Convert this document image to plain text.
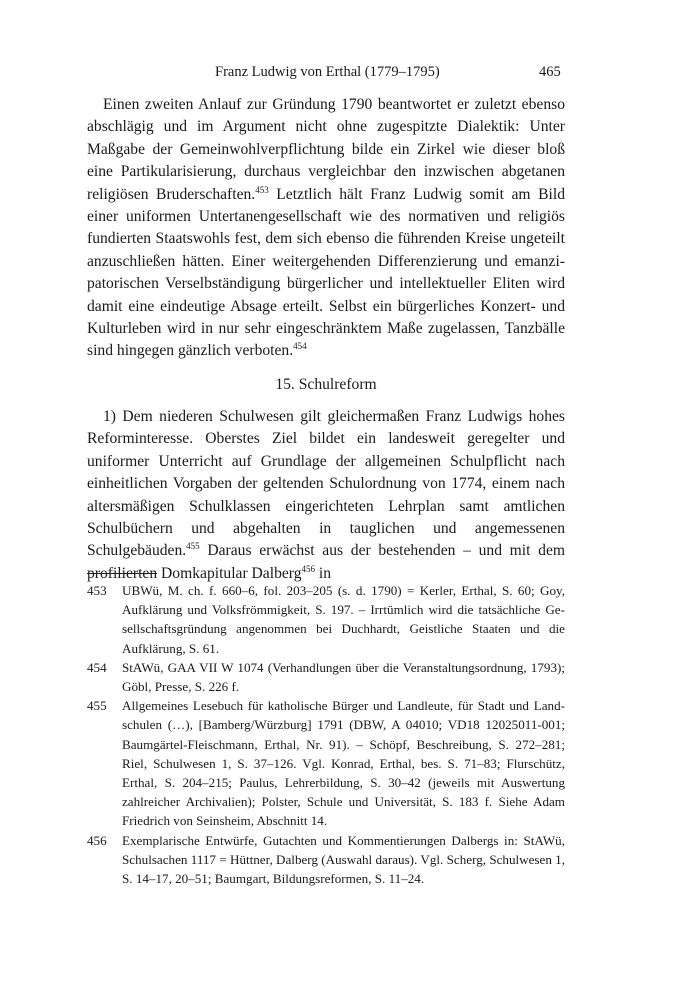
Franz Ludwig von Erthal (1779–1795)	465

Einen zweiten Anlauf zur Gründung 1790 beantwortet er zuletzt ebenso abschlägig und im Argument nicht ohne zugespitzte Dialektik: Unter Maßgabe der Gemeinwohlverpflichtung bilde ein Zirkel wie dieser bloß eine Partikularisierung, durchaus vergleichbar den inzwischen abgetanen religiösen Bruderschaften.$^{453}$ Letztlich hält Franz Ludwig somit am Bild einer uniformen Untertanengesellschaft wie des normativen und religiös fundierten Staatswohls fest, dem sich ebenso die führenden Kreise ungeteilt anzuschließen hätten. Einer weitergehenden Differenzierung und emanzipatorischen Verselbständigung bürgerlicher und intellektueller Eliten wird damit eine eindeutige Absage erteilt. Selbst ein bürgerliches Konzert- und Kulturleben wird in nur sehr eingeschränktem Maße zugelassen, Tanzbälle sind hingegen gänzlich verboten.$^{454}$

15. Schulreform

1) Dem niederen Schulwesen gilt gleichermaßen Franz Ludwigs hohes Reforminteresse. Oberstes Ziel bildet ein landesweit geregelter und uniformer Unterricht auf Grundlage der allgemeinen Schulpflicht nach einheitlichen Vorgaben der geltenden Schulordnung von 1774, einem nach altersmäßigen Schulklassen eingerichteten Lehrplan samt amtlichen Schulbüchern und abgehalten in tauglichen und angemessenen Schulgebäuden.$^{455}$ Daraus erwächst aus der bestehenden – und mit dem profilierten Domkapitular Dalberg$^{456}$ in

453	UBWü, M. ch. f. 660–6, fol. 203–205 (s. d. 1790) = Kerler, Erthal, S. 60; Goy, Aufklärung und Volksfrömmigkeit, S. 197. – Irrtümlich wird die tatsächliche Gesellschaftsgründung angenommen bei Duchhardt, Geistliche Staaten und die Aufklärung, S. 61.
454	StAWü, GAA VII W 1074 (Verhandlungen über die Veranstaltungsordnung, 1793); Göbl, Presse, S. 226 f.
455	Allgemeines Lesebuch für katholische Bürger und Landleute, für Stadt und Landschulen (…), [Bamberg/Würzburg] 1791 (DBW, A 04010; VD18 12025011-001; Baumgärtel-Fleischmann, Erthal, Nr. 91). – Schöpf, Beschreibung, S. 272–281; Riel, Schulwesen 1, S. 37–126. Vgl. Konrad, Erthal, bes. S. 71–83; Flurschütz, Erthal, S. 204–215; Paulus, Lehrerbildung, S. 30–42 (jeweils mit Auswertung zahlreicher Archivalien); Polster, Schule und Universität, S. 183 f. Siehe Adam Friedrich von Seinsheim, Abschnitt 14.
456	Exemplarische Entwürfe, Gutachten und Kommentierungen Dalbergs in: StAWü, Schulsachen 1117 = Hüttner, Dalberg (Auswahl daraus). Vgl. Scherg, Schulwesen 1, S. 14–17, 20–51; Baumgart, Bildungsreformen, S. 11–24.
